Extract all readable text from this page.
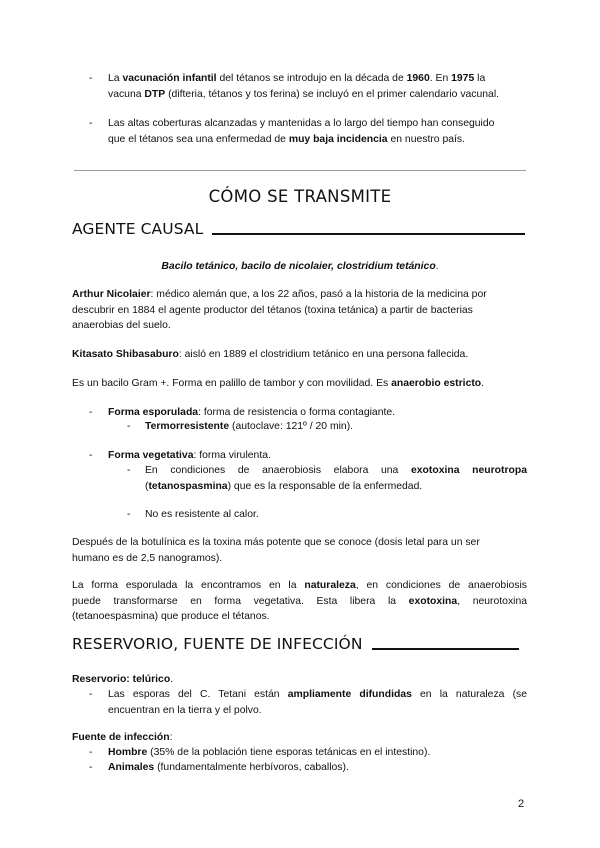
-	La vacunación infantil del tétanos se introdujo en la década de 1960. En 1975 la
vacuna DTP (difteria, tétanos y tos ferina) se incluyó en el primer calendario vacunal.
-	Las altas coberturas alcanzadas y mantenidas a lo largo del tiempo han conseguido
que el tétanos sea una enfermedad de muy baja incidencia en nuestro país.
CÓMO SE TRANSMITE
AGENTE CAUSAL
Bacilo tetánico, bacilo de nicolaier, clostridium tetánico.
Arthur Nicolaier: médico alemán que, a los 22 años, pasó a la historia de la medicina por
descubrir en 1884 el agente productor del tétanos (toxina tetánica) a partir de bacterias
anaerobias del suelo.
Kitasato Shibasaburo: aisló en 1889 el clostridium tetánico en una persona fallecida.
Es un bacilo Gram +. Forma en palillo de tambor y con movilidad. Es anaerobio estricto.
-	Forma esporulada: forma de resistencia o forma contagiante.
-	Termorresistente (autoclave: 121º / 20 min).
-	Forma vegetativa: forma virulenta.
-	En condiciones de anaerobiosis elabora una exotoxina neurotropa
(tetanospasmina) que es la responsable de la enfermedad.
-	No es resistente al calor.
Después de la botulínica es la toxina más potente que se conoce (dosis letal para un ser
humano es de 2,5 nanogramos).
La forma esporulada la encontramos en la naturaleza, en condiciones de anaerobiosis
puede transformarse en forma vegetativa. Esta libera la exotoxina, neurotoxina
(tetanoespasmina) que produce el tétanos.
RESERVORIO, FUENTE DE INFECCIÓN
Reservorio: telúrico.
-	Las esporas del C. Tetani están ampliamente difundidas en la naturaleza (se
encuentran en la tierra y el polvo.
Fuente de infección:
-	Hombre (35% de la población tiene esporas tetánicas en el intestino).
-	Animales (fundamentalmente herbívoros, caballos).
2
